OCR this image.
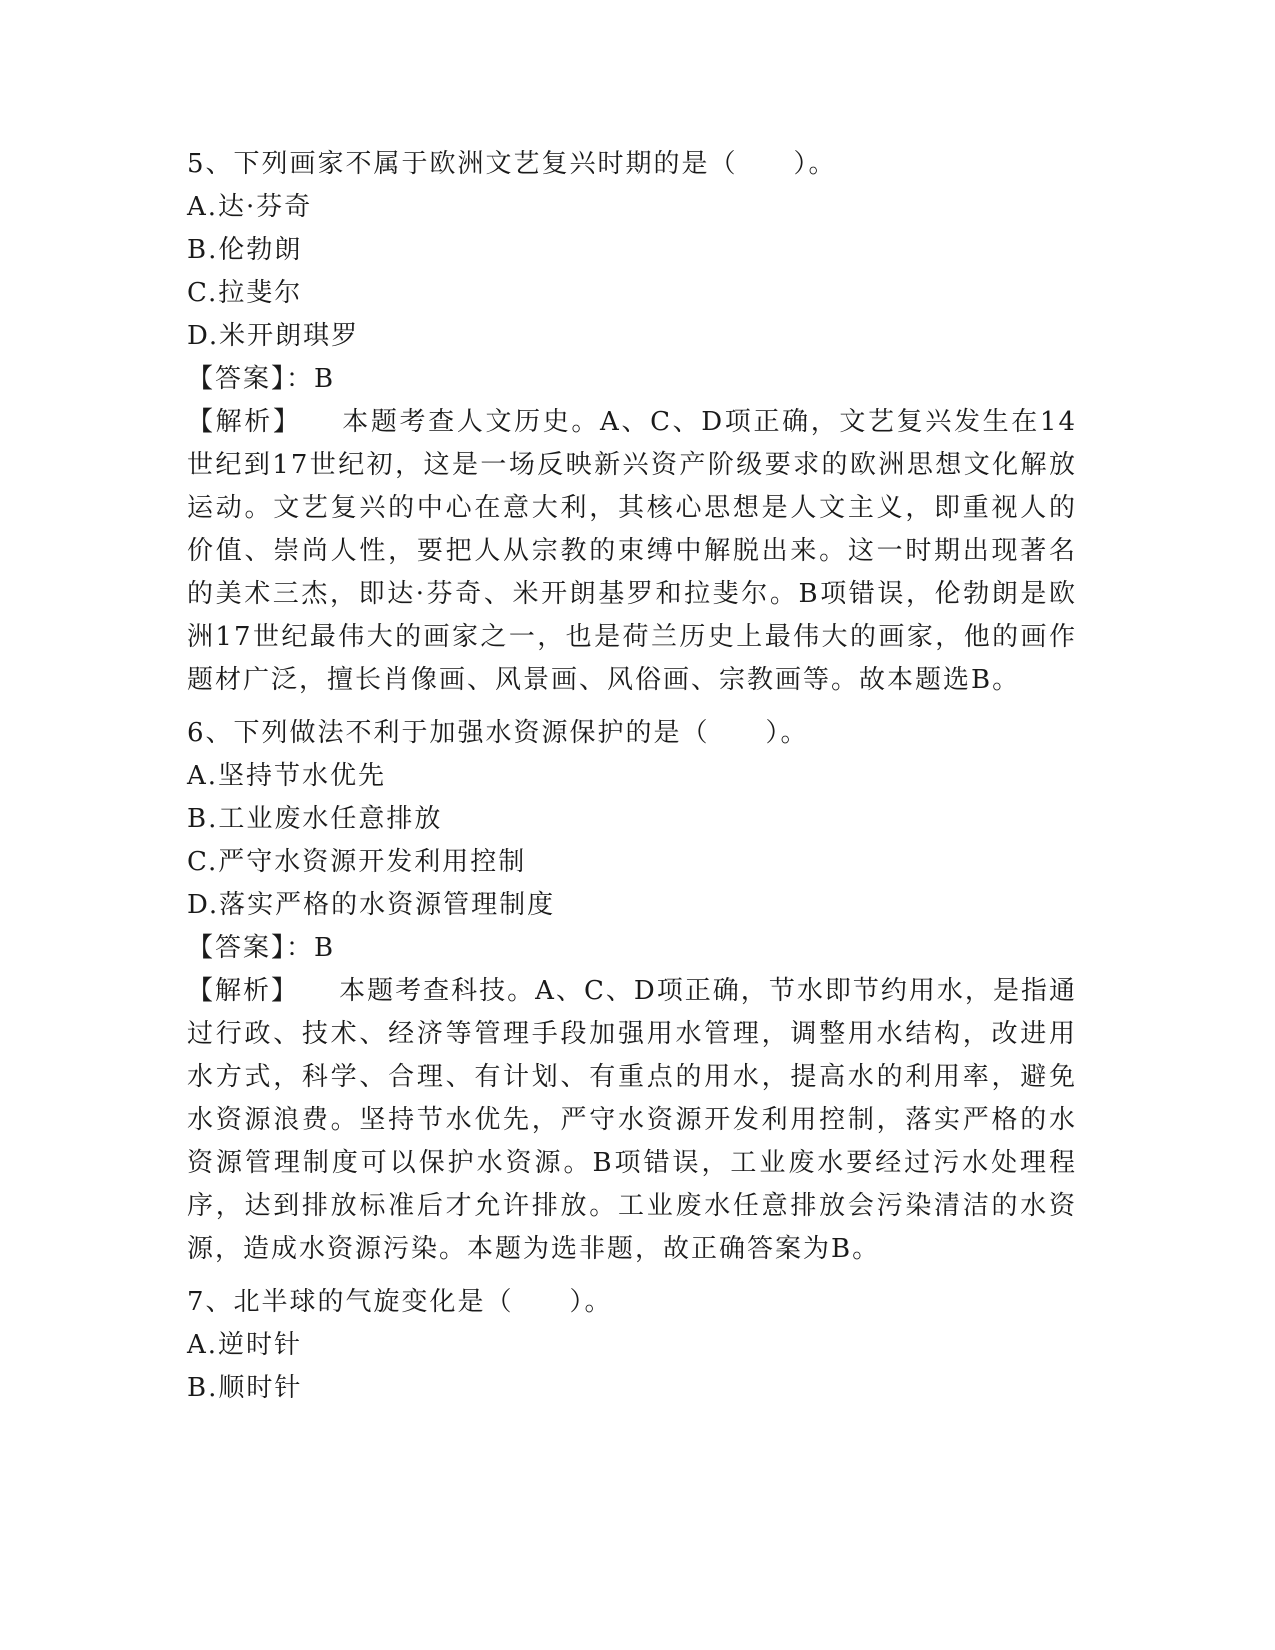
5、下列画家不属于欧洲文艺复兴时期的是（　　）。

A.达·芬奇

B.伦勃朗

C.拉斐尔

D.米开朗琪罗

【答案】：B

【解析】 本题考查人文历史。A、C、D项正确，文艺复兴发生在14世纪到17世纪初，这是一场反映新兴资产阶级要求的欧洲思想文化解放运动。文艺复兴的中心在意大利，其核心思想是人文主义，即重视人的价值、崇尚人性，要把人从宗教的束缚中解脱出来。这一时期出现著名的美术三杰，即达·芬奇、米开朗基罗和拉斐尔。B项错误，伦勃朗是欧洲17世纪最伟大的画家之一，也是荷兰历史上最伟大的画家，他的画作题材广泛，擅长肖像画、风景画、风俗画、宗教画等。故本题选B。

6、下列做法不利于加强水资源保护的是（　　）。

A.坚持节水优先

B.工业废水任意排放

C.严守水资源开发利用控制

D.落实严格的水资源管理制度

【答案】：B

【解析】 本题考查科技。A、C、D项正确，节水即节约用水，是指通过行政、技术、经济等管理手段加强用水管理，调整用水结构，改进用水方式，科学、合理、有计划、有重点的用水，提高水的利用率，避免水资源浪费。坚持节水优先，严守水资源开发利用控制，落实严格的水资源管理制度可以保护水资源。B项错误，工业废水要经过污水处理程序，达到排放标准后才允许排放。工业废水任意排放会污染清洁的水资源，造成水资源污染。本题为选非题，故正确答案为B。

7、北半球的气旋变化是（　　）。

A.逆时针

B.顺时针
